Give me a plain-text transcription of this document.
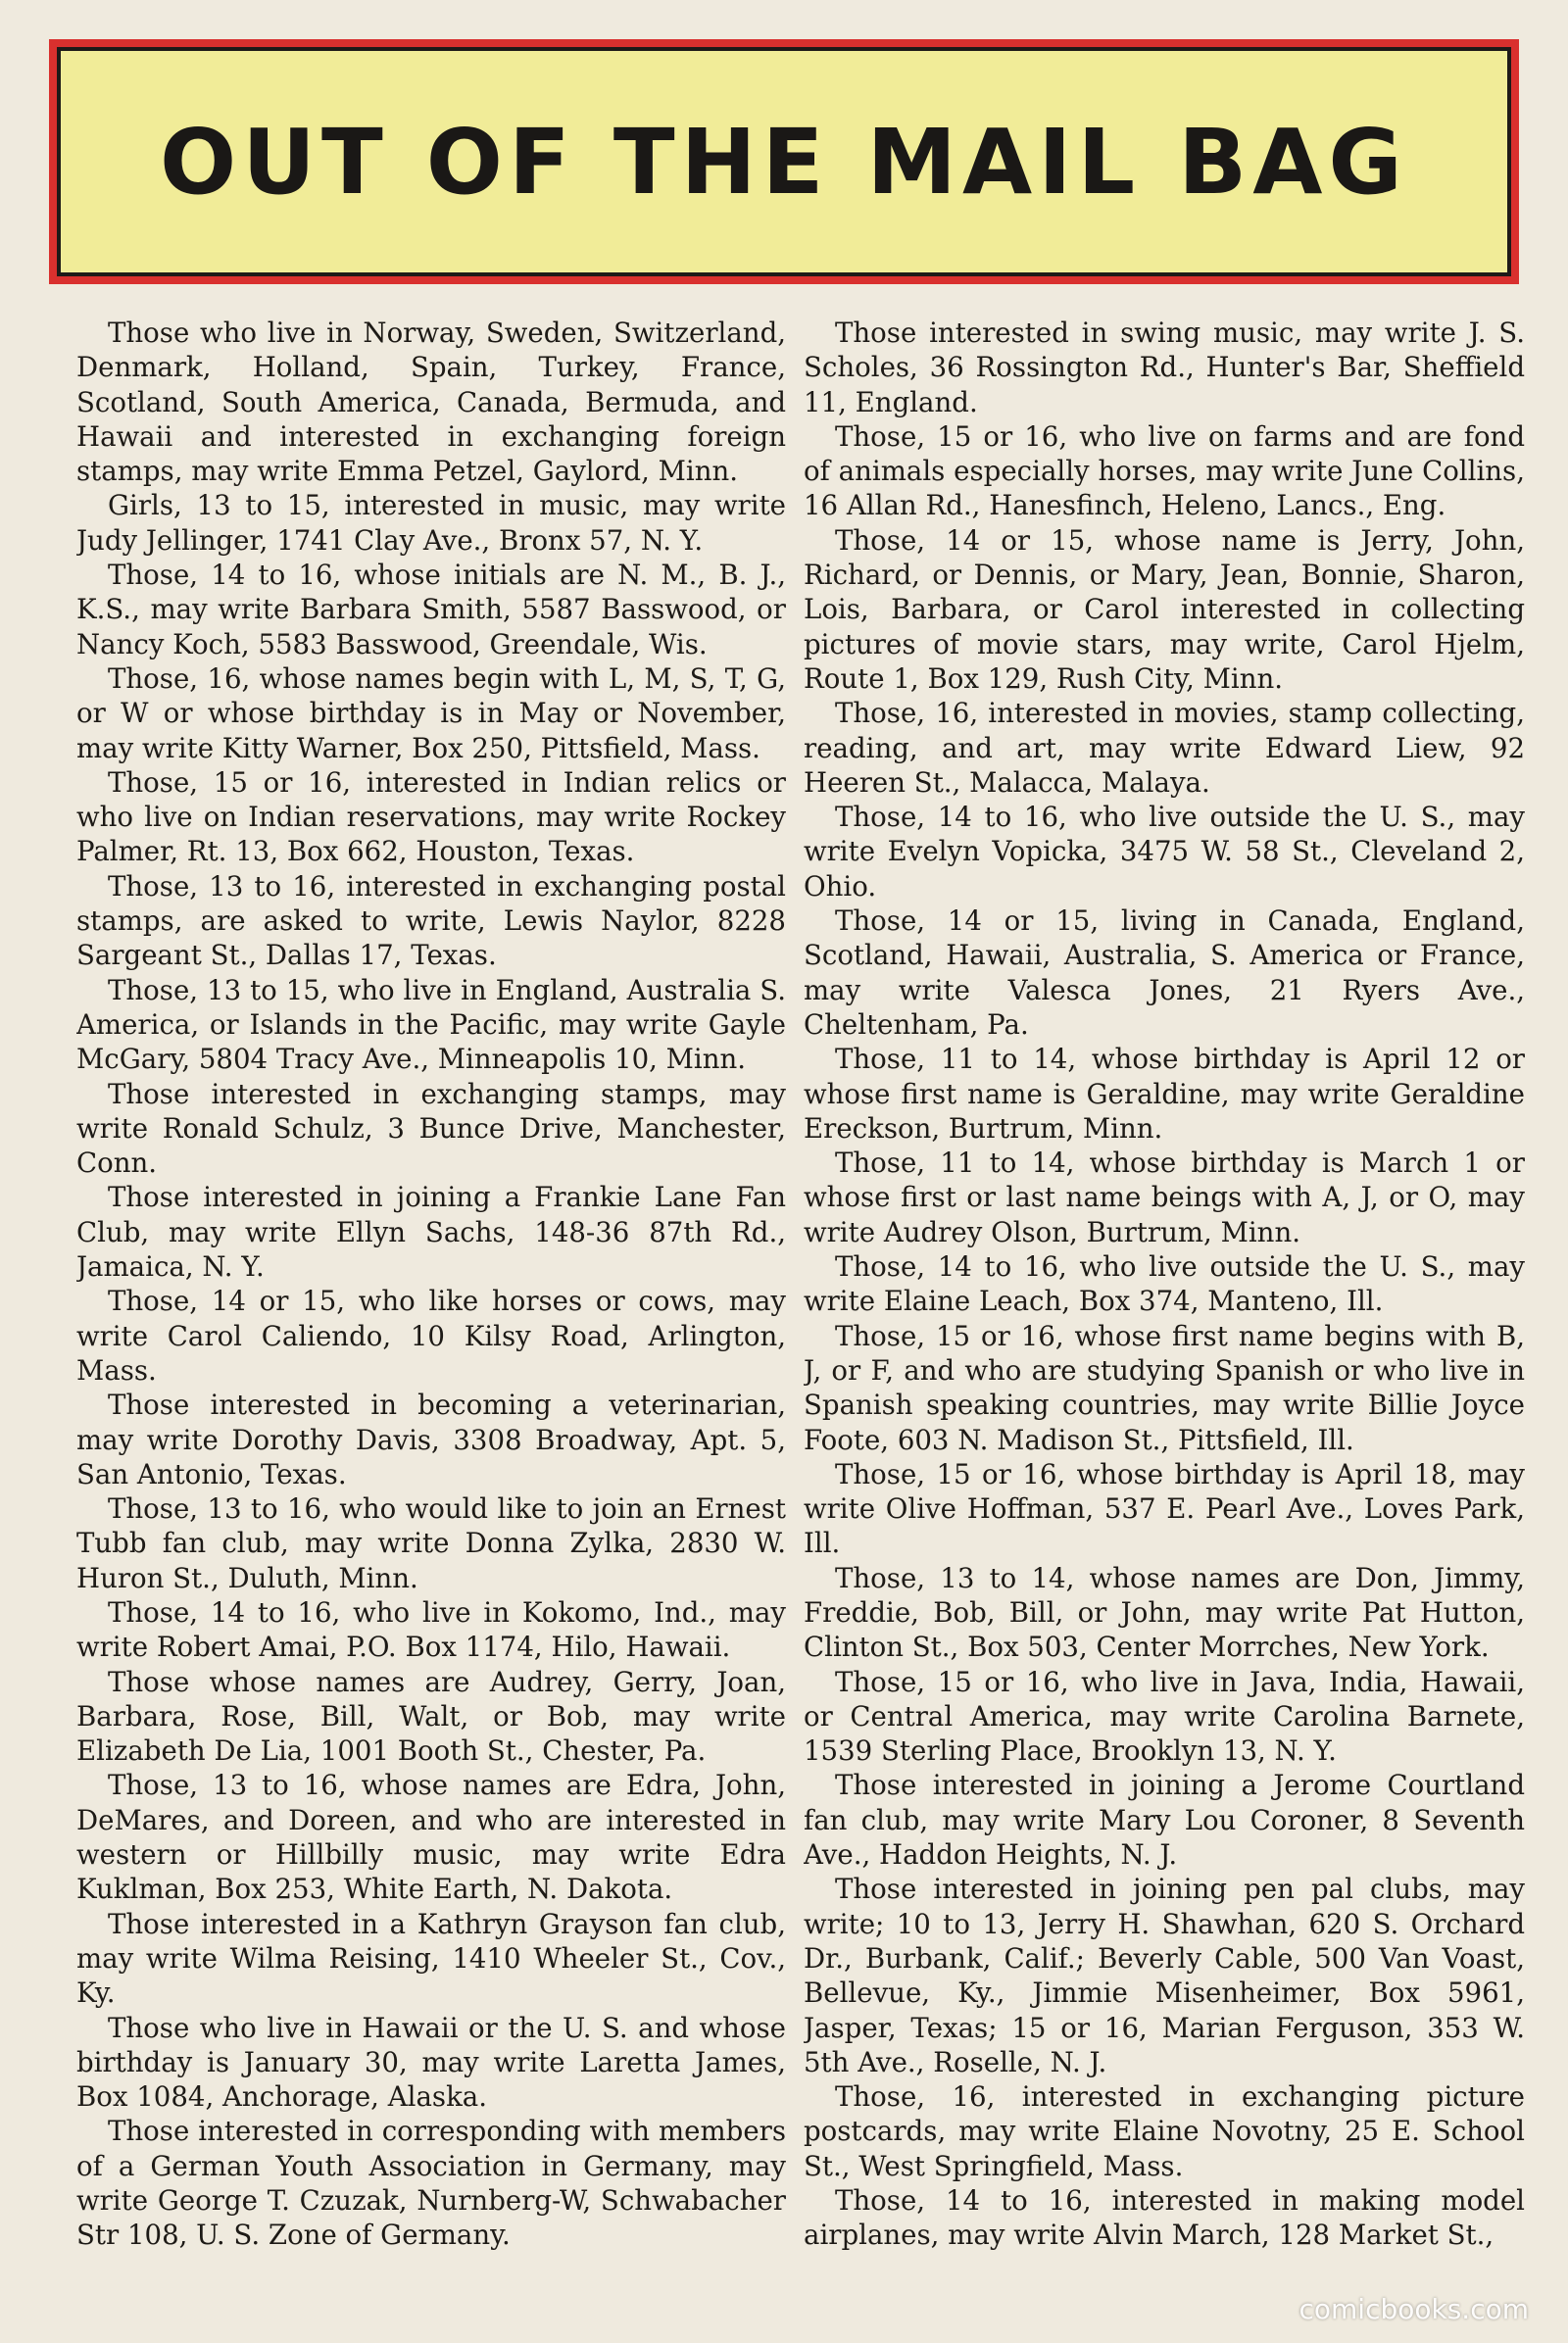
OUT OF THE MAIL BAG

Those who live in Norway, Sweden, Switzerland, Denmark, Holland, Spain, Turkey, France, Scotland, South America, Canada, Bermuda, and Hawaii and interested in exchanging foreign stamps, may write Emma Petzel, Gaylord, Minn.

Girls, 13 to 15, interested in music, may write Judy Jellinger, 1741 Clay Ave., Bronx 57, N. Y.

Those, 14 to 16, whose initials are N. M., B. J., K.S., may write Barbara Smith, 5587 Basswood, or Nancy Koch, 5583 Basswood, Greendale, Wis.

Those, 16, whose names begin with L, M, S, T, G, or W or whose birthday is in May or November, may write Kitty Warner, Box 250, Pittsfield, Mass.

Those, 15 or 16, interested in Indian relics or who live on Indian reservations, may write Rockey Palmer, Rt. 13, Box 662, Houston, Texas.

Those, 13 to 16, interested in exchanging postal stamps, are asked to write, Lewis Naylor, 8228 Sargeant St., Dallas 17, Texas.

Those, 13 to 15, who live in England, Australia S. America, or Islands in the Pacific, may write Gayle McGary, 5804 Tracy Ave., Minneapolis 10, Minn.

Those interested in exchanging stamps, may write Ronald Schulz, 3 Bunce Drive, Manchester, Conn.

Those interested in joining a Frankie Lane Fan Club, may write Ellyn Sachs, 148-36 87th Rd., Jamaica, N. Y.

Those, 14 or 15, who like horses or cows, may write Carol Caliendo, 10 Kilsy Road, Arlington, Mass.

Those interested in becoming a veterinarian, may write Dorothy Davis, 3308 Broadway, Apt. 5, San Antonio, Texas.

Those, 13 to 16, who would like to join an Ernest Tubb fan club, may write Donna Zylka, 2830 W. Huron St., Duluth, Minn.

Those, 14 to 16, who live in Kokomo, Ind., may write Robert Amai, P.O. Box 1174, Hilo, Hawaii.

Those whose names are Audrey, Gerry, Joan, Barbara, Rose, Bill, Walt, or Bob, may write Elizabeth De Lia, 1001 Booth St., Chester, Pa.

Those, 13 to 16, whose names are Edra, John, DeMares, and Doreen, and who are interested in western or Hillbilly music, may write Edra Kuklman, Box 253, White Earth, N. Dakota.

Those interested in a Kathryn Grayson fan club, may write Wilma Reising, 1410 Wheeler St., Cov., Ky.

Those who live in Hawaii or the U. S. and whose birthday is January 30, may write Laretta James, Box 1084, Anchorage, Alaska.

Those interested in corresponding with members of a German Youth Association in Germany, may write George T. Czuzak, Nurnberg-W, Schwabacher Str 108, U. S. Zone of Germany.

Those interested in swing music, may write J. S. Scholes, 36 Rossington Rd., Hunter's Bar, Sheffield 11, England.

Those, 15 or 16, who live on farms and are fond of animals especially horses, may write June Collins, 16 Allan Rd., Hanesfinch, Heleno, Lancs., Eng.

Those, 14 or 15, whose name is Jerry, John, Richard, or Dennis, or Mary, Jean, Bonnie, Sharon, Lois, Barbara, or Carol interested in collecting pictures of movie stars, may write, Carol Hjelm, Route 1, Box 129, Rush City, Minn.

Those, 16, interested in movies, stamp collecting, reading, and art, may write Edward Liew, 92 Heeren St., Malacca, Malaya.

Those, 14 to 16, who live outside the U. S., may write Evelyn Vopicka, 3475 W. 58 St., Cleveland 2, Ohio.

Those, 14 or 15, living in Canada, England, Scotland, Hawaii, Australia, S. America or France, may write Valesca Jones, 21 Ryers Ave., Cheltenham, Pa.

Those, 11 to 14, whose birthday is April 12 or whose first name is Geraldine, may write Geraldine Ereckson, Burtrum, Minn.

Those, 11 to 14, whose birthday is March 1 or whose first or last name beings with A, J, or O, may write Audrey Olson, Burtrum, Minn.

Those, 14 to 16, who live outside the U. S., may write Elaine Leach, Box 374, Manteno, Ill.

Those, 15 or 16, whose first name begins with B, J, or F, and who are studying Spanish or who live in Spanish speaking countries, may write Billie Joyce Foote, 603 N. Madison St., Pittsfield, Ill.

Those, 15 or 16, whose birthday is April 18, may write Olive Hoffman, 537 E. Pearl Ave., Loves Park, Ill.

Those, 13 to 14, whose names are Don, Jimmy, Freddie, Bob, Bill, or John, may write Pat Hutton, Clinton St., Box 503, Center Morrches, New York.

Those, 15 or 16, who live in Java, India, Hawaii, or Central America, may write Carolina Barnete, 1539 Sterling Place, Brooklyn 13, N. Y.

Those interested in joining a Jerome Courtland fan club, may write Mary Lou Coroner, 8 Seventh Ave., Haddon Heights, N. J.

Those interested in joining pen pal clubs, may write; 10 to 13, Jerry H. Shawhan, 620 S. Orchard Dr., Burbank, Calif.; Beverly Cable, 500 Van Voast, Bellevue, Ky., Jimmie Misenheimer, Box 5961, Jasper, Texas; 15 or 16, Marian Ferguson, 353 W. 5th Ave., Roselle, N. J.

Those, 16, interested in exchanging picture postcards, may write Elaine Novotny, 25 E. School St., West Springfield, Mass.

Those, 14 to 16, interested in making model airplanes, may write Alvin March, 128 Market St.,

comicbooks.com
